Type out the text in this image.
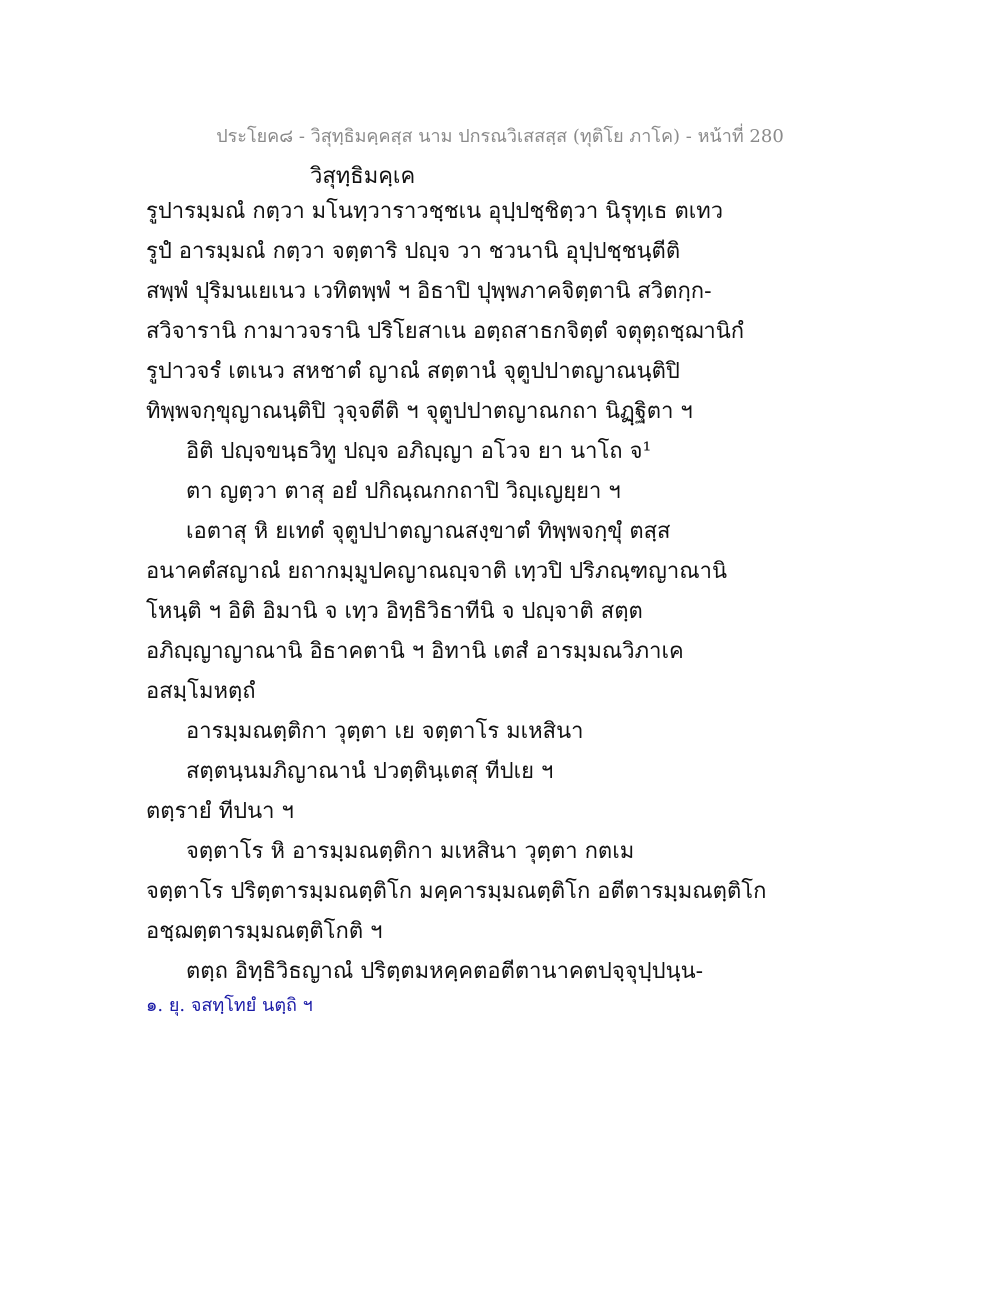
ประโยค๘ - วิสุทฺธิมคฺคสฺส นาม ปกรณวิเสสสฺส (ทุติโย ภาโค) - หน้าที่ 280
วิสุทฺธิมคฺเค
รูปารมฺมณํ กตฺวา มโนทฺวาราวชฺชเน อุปฺปชฺชิตฺวา นิรุทฺเธ ตเทว
รูปํ อารมฺมณํ กตฺวา จตฺตาริ ปญฺจ วา ชวนานิ อุปฺปชฺชนฺตีติ
สพฺพํ ปุริมนเยเนว เวทิตพฺพํ ฯ อิธาปิ ปุพฺพภาคจิตฺตานิ สวิตกฺก-
สวิจารานิ กามาวจรานิ ปริโยสาเน อตฺถสาธกจิตฺตํ จตุตฺถชฺฌานิกํ
รูปาวจรํ เตเนว สหชาตํ ญาณํ สตฺตานํ จุตูปปาตญาณนฺติปิ
ทิพฺพจกฺขุญาณนฺติปิ วุจฺจตีติ ฯ จุตูปปาตญาณกถา นิฏฺฐิตา ฯ
อิติ ปญฺจขนฺธวิทู ปญฺจ อภิญฺญา อโวจ ยา นาโถ จ¹
ตา ญตฺวา ตาสุ อยํ ปกิณฺณกกถาปิ วิญฺเญยฺยา ฯ
เอตาสุ หิ ยเทตํ จุตูปปาตญาณสงฺขาตํ ทิพฺพจกฺขุํ ตสฺส
อนาคตํสญาณํ ยถากมฺมูปคญาณญฺจาติ เทฺวปิ ปริภณฺฑญาณานิ
โหนฺติ ฯ อิติ อิมานิ จ เทฺว อิทฺธิวิธาทีนิ จ ปญฺจาติ สตฺต
อภิญฺญาญาณานิ อิธาคตานิ ฯ อิทานิ เตสํ อารมฺมณวิภาเค
อสมฺโมหตฺถํ
อารมฺมณตฺติกา วุตฺตา เย จตฺตาโร มเหสินา
สตฺตนฺนมภิญาณานํ ปวตฺตินฺเตสุ ทีปเย ฯ
ตตฺรายํ ทีปนา ฯ
จตฺตาโร หิ อารมฺมณตฺติกา มเหสินา วุตฺตา กตเม
จตฺตาโร ปริตฺตารมฺมณตฺติโก มคฺคารมฺมณตฺติโก อตีตารมฺมณตฺติโก
อชฺฌตฺตารมฺมณตฺติโกติ ฯ
ตตฺถ อิทฺธิวิธญาณํ ปริตฺตมหคฺคตอตีตานาคตปจฺจุปฺปนฺน-
๑. ยุ. จสทฺโทยํ นตฺถิ ฯ
